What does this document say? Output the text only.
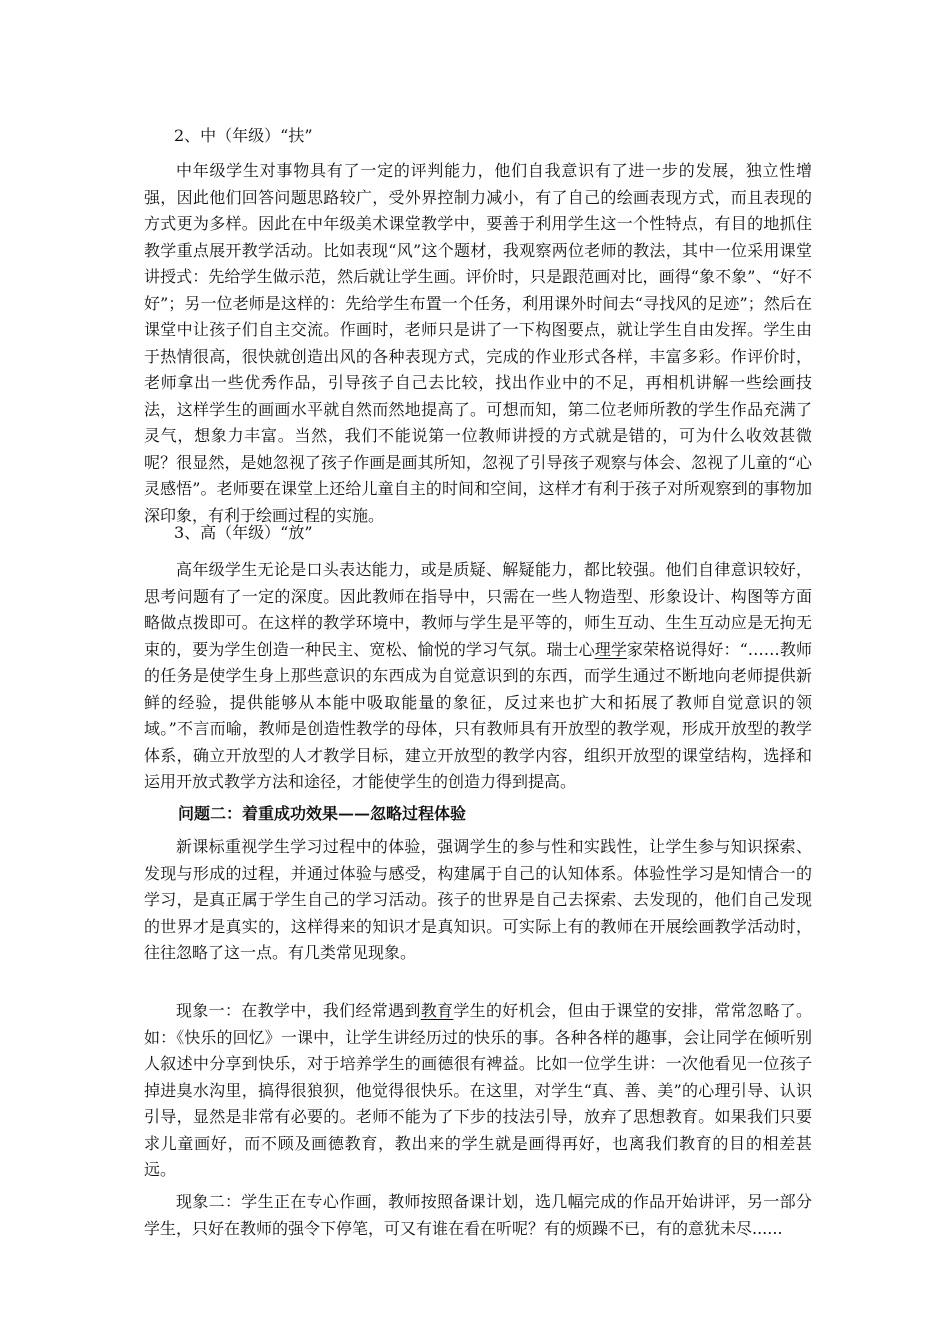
2、中（年级）“扶”

中年级学生对事物具有了一定的评判能力，他们自我意识有了进一步的发展，独立性增强，因此他们回答问题思路较广，受外界控制力减小，有了自己的绘画表现方式，而且表现的方式更为多样。因此在中年级美术课堂教学中，要善于利用学生这一个性特点，有目的地抓住教学重点展开教学活动。比如表现“风”这个题材，我观察两位老师的教法，其中一位采用课堂讲授式：先给学生做示范，然后就让学生画。评价时，只是跟范画对比，画得“象不象”、“好不好”；另一位老师是这样的：先给学生布置一个任务，利用课外时间去“寻找风的足迹”；然后在课堂中让孩子们自主交流。作画时，老师只是讲了一下构图要点，就让学生自由发挥。学生由于热情很高，很快就创造出风的各种表现方式，完成的作业形式各样，丰富多彩。作评价时，老师拿出一些优秀作品，引导孩子自己去比较，找出作业中的不足，再相机讲解一些绘画技法，这样学生的画画水平就自然而然地提高了。可想而知，第二位老师所教的学生作品充满了灵气，想象力丰富。当然，我们不能说第一位教师讲授的方式就是错的，可为什么收效甚微呢？很显然，是她忽视了孩子作画是画其所知，忽视了引导孩子观察与体会、忽视了儿童的“心灵感悟”。老师要在课堂上还给儿童自主的时间和空间，这样才有利于孩子对所观察到的事物加深印象，有利于绘画过程的实施。

3、高（年级）“放”

高年级学生无论是口头表达能力，或是质疑、解疑能力，都比较强。他们自律意识较好，思考问题有了一定的深度。因此教师在指导中，只需在一些人物造型、形象设计、构图等方面略做点拨即可。在这样的教学环境中，教师与学生是平等的，师生互动、生生互动应是无拘无束的，要为学生创造一种民主、宽松、愉悦的学习气氛。瑞士心理学家荣格说得好：“……教师的任务是使学生身上那些意识的东西成为自觉意识到的东西，而学生通过不断地向老师提供新鲜的经验，提供能够从本能中吸取能量的象征，反过来也扩大和拓展了教师自觉意识的领域。”不言而喻，教师是创造性教学的母体，只有教师具有开放型的教学观，形成开放型的教学体系，确立开放型的人才教学目标，建立开放型的教学内容，组织开放型的课堂结构，选择和运用开放式教学方法和途径，才能使学生的创造力得到提高。

问题二：着重成功效果——忽略过程体验

新课标重视学生学习过程中的体验，强调学生的参与性和实践性，让学生参与知识探索、发现与形成的过程，并通过体验与感受，构建属于自己的认知体系。体验性学习是知情合一的学习，是真正属于学生自己的学习活动。孩子的世界是自己去探索、去发现的，他们自己发现的世界才是真实的，这样得来的知识才是真知识。可实际上有的教师在开展绘画教学活动时，往往忽略了这一点。有几类常见现象。

现象一：在教学中，我们经常遇到教育学生的好机会，但由于课堂的安排，常常忽略了。如：《快乐的回忆》一课中，让学生讲经历过的快乐的事。各种各样的趣事，会让同学在倾听别人叙述中分享到快乐，对于培养学生的画德很有裨益。比如一位学生讲：一次他看见一位孩子掉进臭水沟里，搞得很狼狈，他觉得很快乐。在这里，对学生“真、善、美”的心理引导、认识引导，显然是非常有必要的。老师不能为了下步的技法引导，放弃了思想教育。如果我们只要求儿童画好，而不顾及画德教育，教出来的学生就是画得再好，也离我们教育的目的相差甚远。

现象二：学生正在专心作画，教师按照备课计划，选几幅完成的作品开始讲评，另一部分学生，只好在教师的强令下停笔，可又有谁在看在听呢？有的烦躁不已，有的意犹未尽......
